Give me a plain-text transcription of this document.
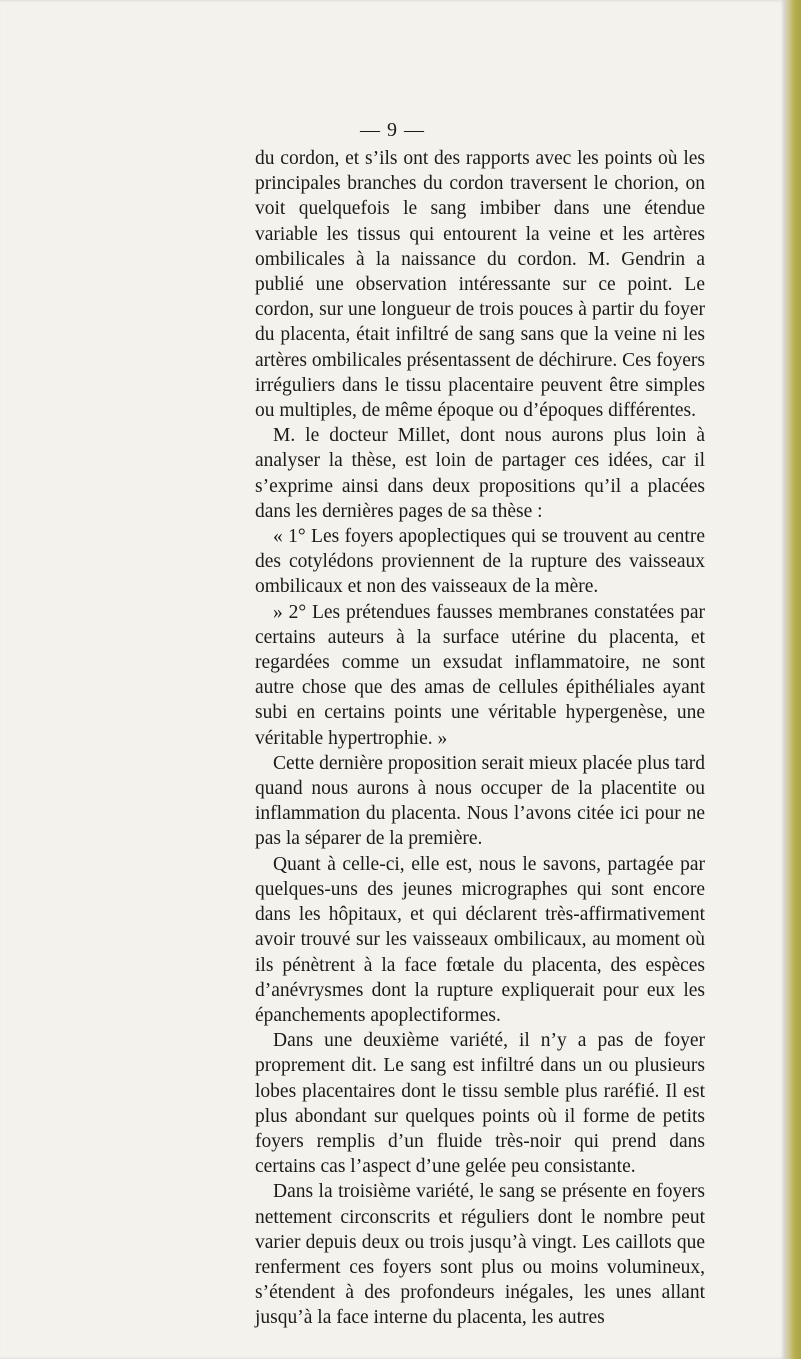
— 9 —

du cordon, et s’ils ont des rapports avec les points où les principales branches du cordon traversent le chorion, on voit quelquefois le sang imbiber dans une étendue variable les tissus qui entourent la veine et les artères ombilicales à la naissance du cordon. M. Gendrin a publié une observation intéressante sur ce point. Le cordon, sur une longueur de trois pouces à partir du foyer du placenta, était infiltré de sang sans que la veine ni les artères ombilicales présentassent de déchirure. Ces foyers irréguliers dans le tissu placentaire peuvent être simples ou multiples, de même époque ou d’époques différentes.

M. le docteur Millet, dont nous aurons plus loin à analyser la thèse, est loin de partager ces idées, car il s’exprime ainsi dans deux propositions qu’il a placées dans les dernières pages de sa thèse :

« 1° Les foyers apoplectiques qui se trouvent au centre des cotylédons proviennent de la rupture des vaisseaux ombilicaux et non des vaisseaux de la mère.

» 2° Les prétendues fausses membranes constatées par certains auteurs à la surface utérine du placenta, et regardées comme un exsudat inflammatoire, ne sont autre chose que des amas de cellules épithéliales ayant subi en certains points une véritable hypergenèse, une véritable hypertrophie. »

Cette dernière proposition serait mieux placée plus tard quand nous aurons à nous occuper de la placentite ou inflammation du placenta. Nous l’avons citée ici pour ne pas la séparer de la première.

Quant à celle-ci, elle est, nous le savons, partagée par quelques-uns des jeunes micrographes qui sont encore dans les hôpitaux, et qui déclarent très-affirmativement avoir trouvé sur les vaisseaux ombilicaux, au moment où ils pénètrent à la face fœtale du placenta, des espèces d’anévrysmes dont la rupture expliquerait pour eux les épanchements apoplectiformes.

Dans une deuxième variété, il n’y a pas de foyer proprement dit. Le sang est infiltré dans un ou plusieurs lobes placentaires dont le tissu semble plus raréfié. Il est plus abondant sur quelques points où il forme de petits foyers remplis d’un fluide très-noir qui prend dans certains cas l’aspect d’une gelée peu consistante.

Dans la troisième variété, le sang se présente en foyers nettement circonscrits et réguliers dont le nombre peut varier depuis deux ou trois jusqu’à vingt. Les caillots que renferment ces foyers sont plus ou moins volumineux, s’étendent à des profondeurs inégales, les unes allant jusqu’à la face interne du placenta, les autres
